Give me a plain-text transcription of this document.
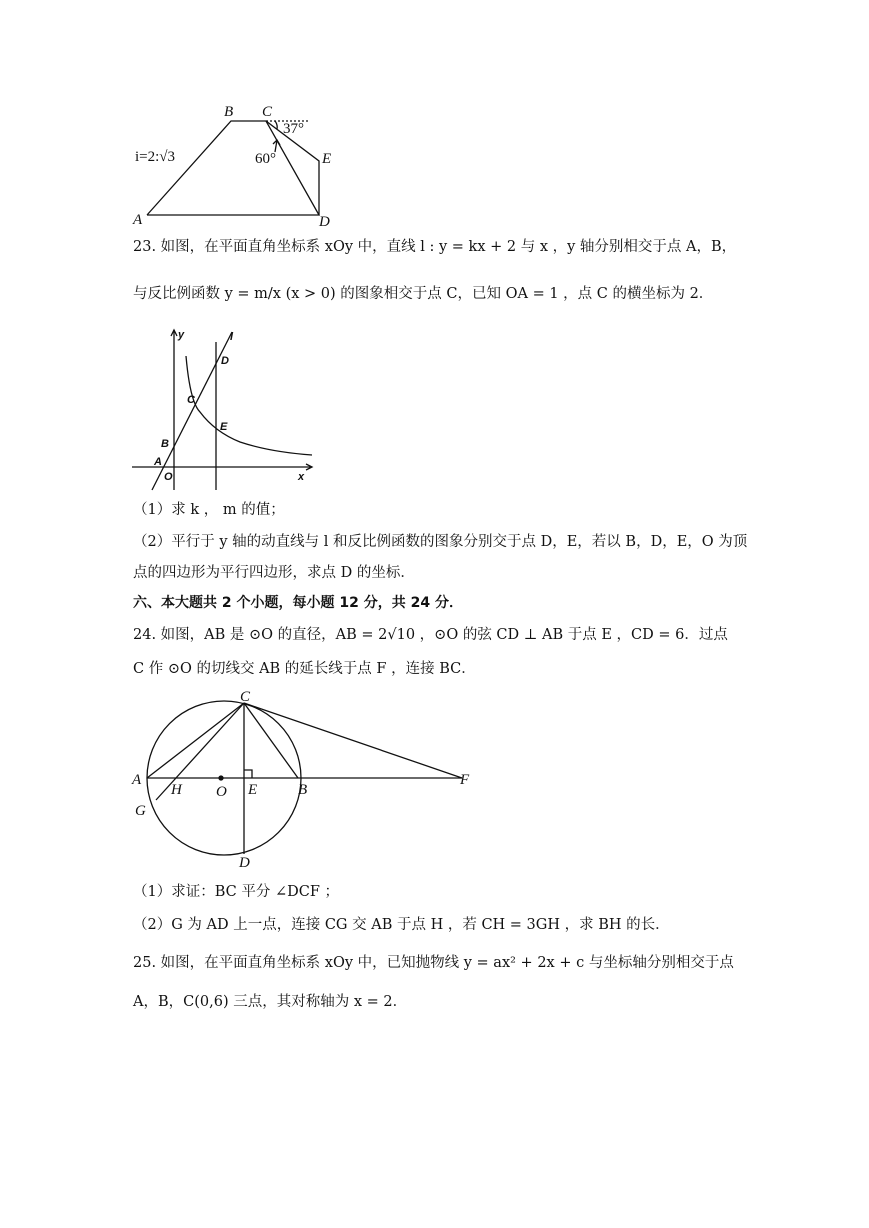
A
B C
D
E
i=2:√3
37°
60°
23. 如图，在平面直角坐标系 xOy 中，直线 l : y = kx + 2 与 x ，y 轴分别相交于点 A，B，
与反比例函数 y = m/x (x > 0) 的图象相交于点 C，已知 OA = 1 ，点 C 的横坐标为 2．
y	l
D
C
E
B
A
O	x
（1）求 k ， m 的值；
（2）平行于 y 轴的动直线与 l 和反比例函数的图象分别交于点 D，E，若以 B，D，E，O 为顶
点的四边形为平行四边形，求点 D 的坐标．
六、本大题共 2 个小题，每小题 12 分，共 24 分．
24. 如图，AB 是 ⊙O 的直径，AB = 2√10 ，⊙O 的弦 CD ⊥ AB 于点 E ，CD = 6．过点
C 作 ⊙O 的切线交 AB 的延长线于点 F ，连接 BC．
C
A
H O E	B
F
G
D
（1）求证：BC 平分 ∠DCF ；
（2）G 为 AD 上一点，连接 CG 交 AB 于点 H ，若 CH = 3GH ，求 BH 的长．
25. 如图，在平面直角坐标系 xOy 中，已知抛物线 y = ax² + 2x + c 与坐标轴分别相交于点
A，B，C(0,6) 三点，其对称轴为 x = 2．
